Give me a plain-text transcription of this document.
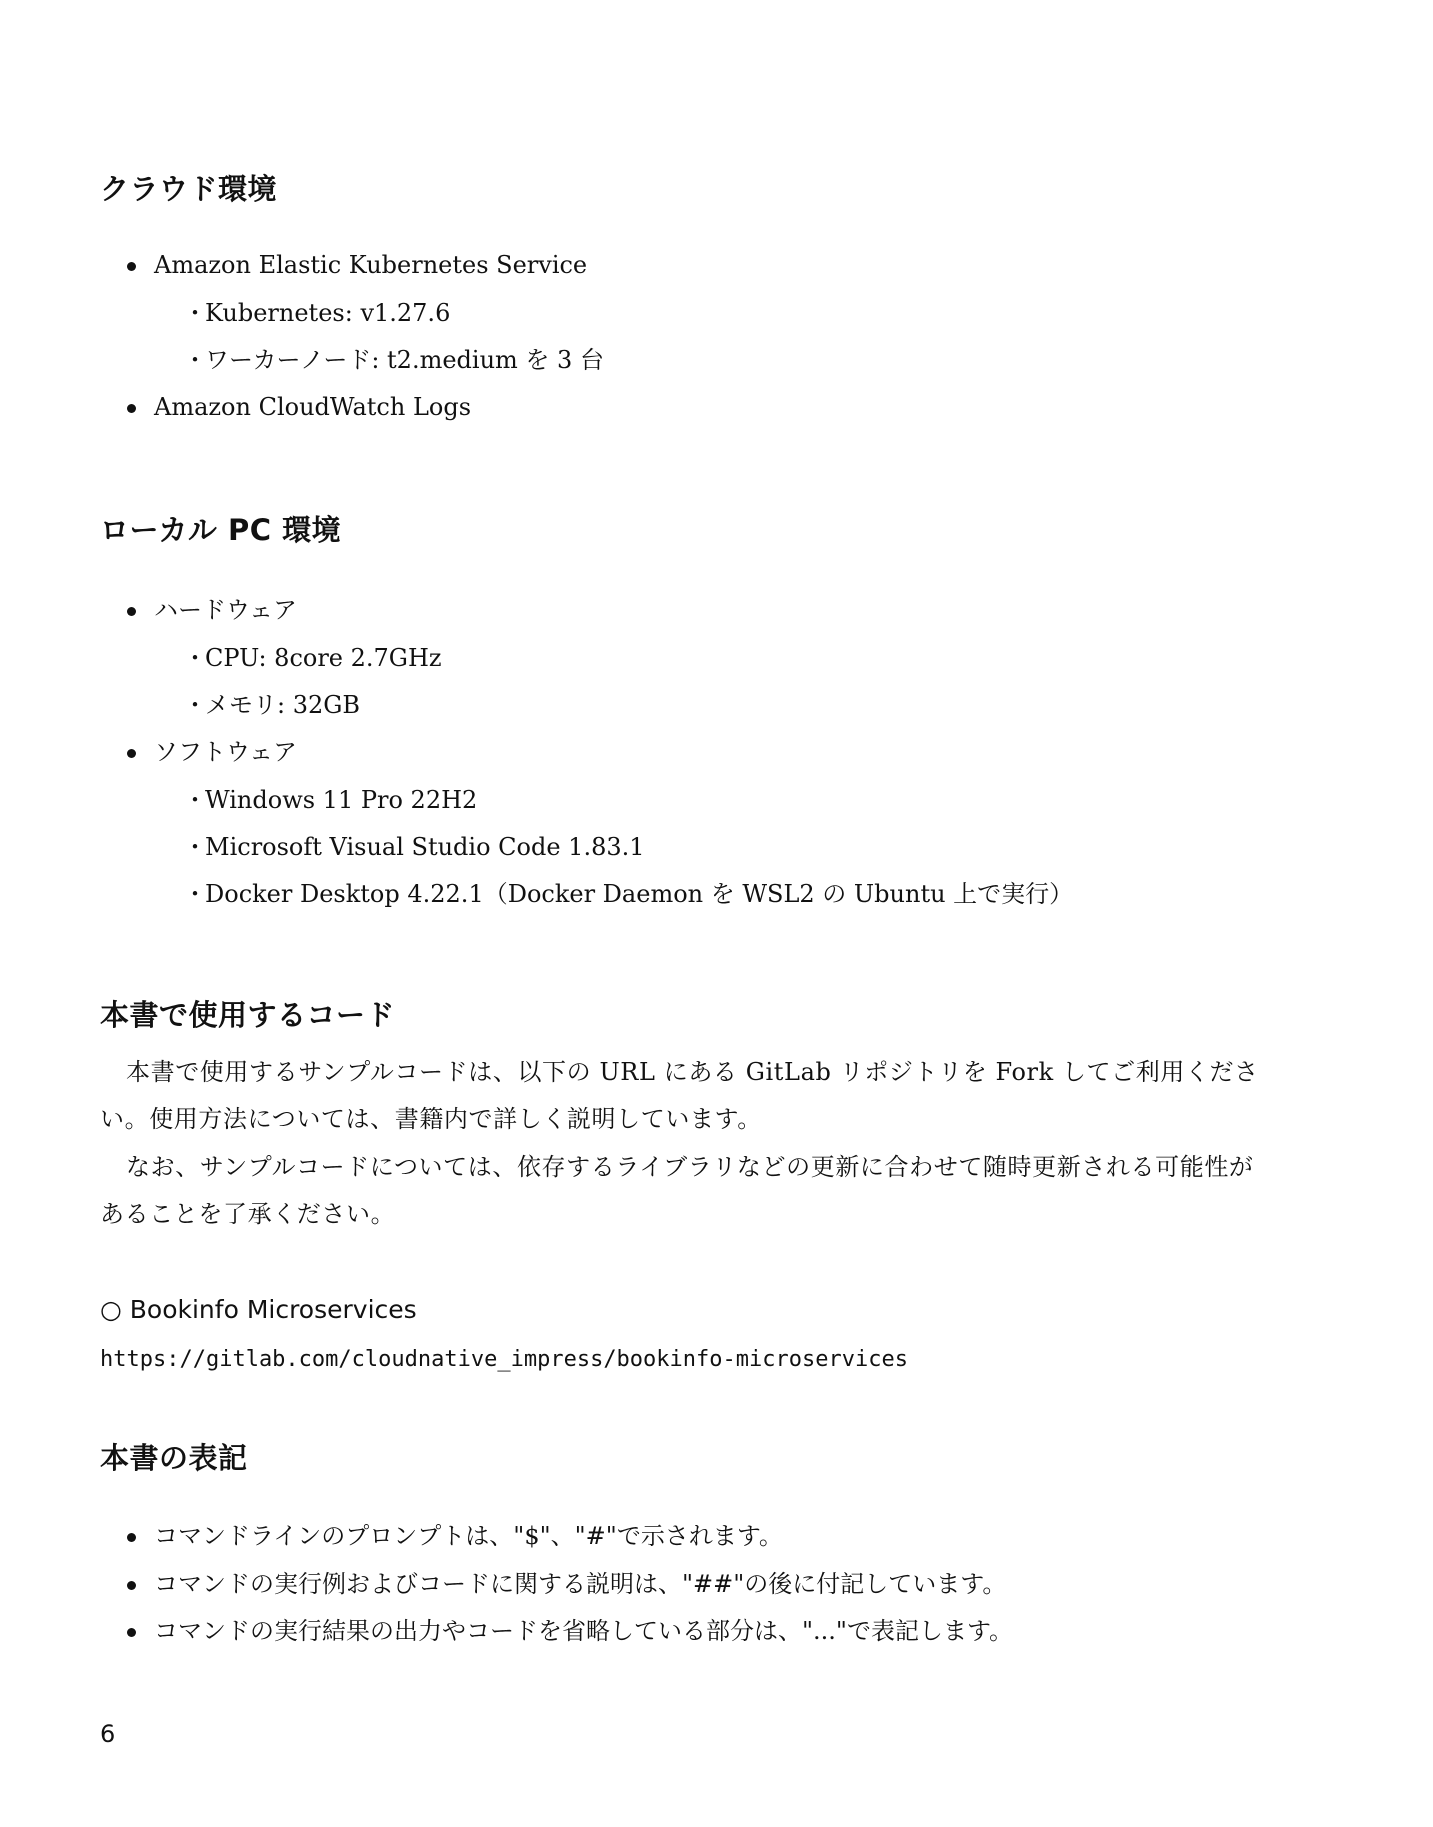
クラウド環境
Amazon Elastic Kubernetes Service
・Kubernetes: v1.27.6
・ワーカーノード: t2.medium を 3 台
Amazon CloudWatch Logs
ローカル PC 環境
ハードウェア
・CPU: 8core 2.7GHz
・メモリ: 32GB
ソフトウェア
・Windows 11 Pro 22H2
・Microsoft Visual Studio Code 1.83.1
・Docker Desktop 4.22.1（Docker Daemon を WSL2 の Ubuntu 上で実行）
本書で使用するコード

本書で使用するサンプルコードは、以下の URL にある GitLab リポジトリを Fork してご利用ください。使用方法については、書籍内で詳しく説明しています。

なお、サンプルコードについては、依存するライブラリなどの更新に合わせて随時更新される可能性があることを了承ください。

○ Bookinfo Microservices
https://gitlab.com/cloudnative_impress/bookinfo-microservices
本書の表記
コマンドラインのプロンプトは、"$"、"#"で示されます。
コマンドの実行例およびコードに関する説明は、"##"の後に付記しています。
コマンドの実行結果の出力やコードを省略している部分は、"..."で表記します。
6
